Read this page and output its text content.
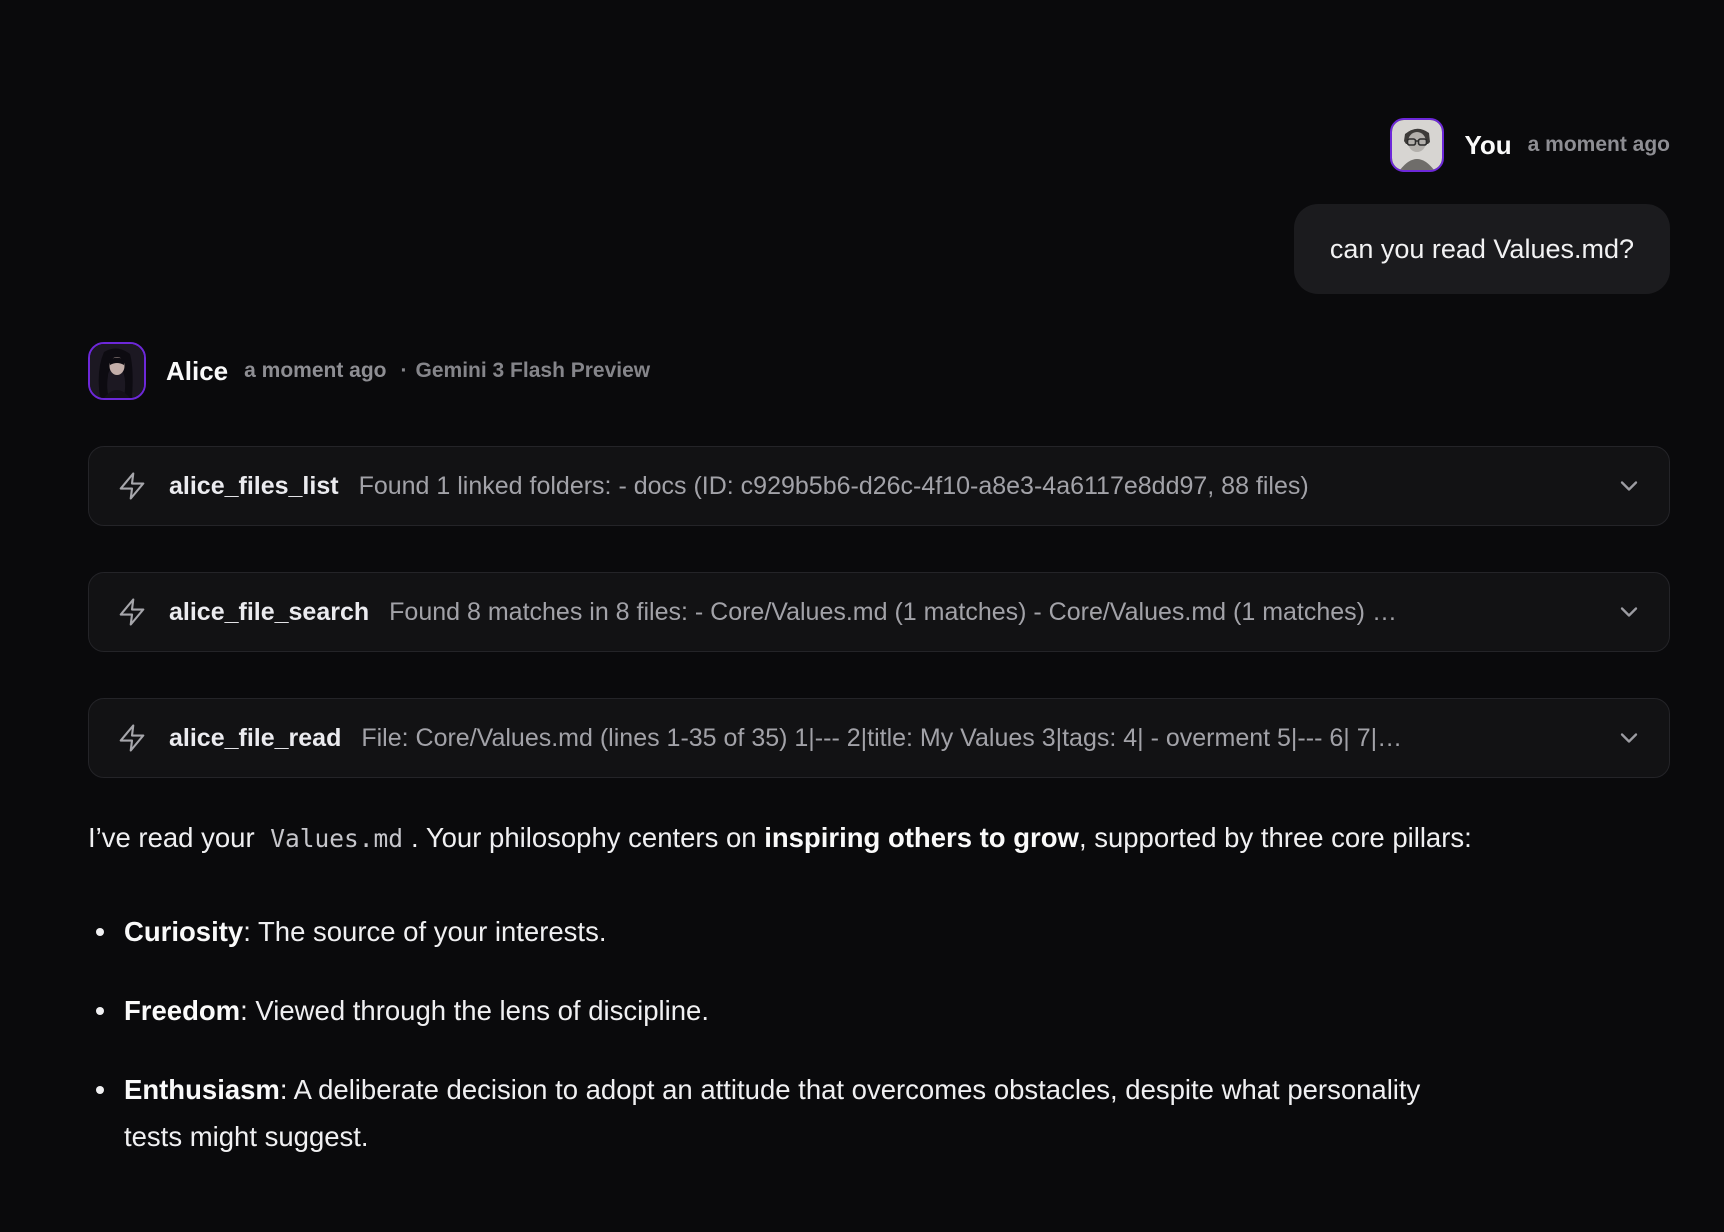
You a moment ago
can you read Values.md?
Alice a moment ago · Gemini 3 Flash Preview
alice_files_list Found 1 linked folders: - docs (ID: c929b5b6-d26c-4f10-a8e3-4a6117e8dd97, 88 files)
alice_file_search Found 8 matches in 8 files: - Core/Values.md (1 matches) - Core/Values.md (1 matches) …
alice_file_read File: Core/Values.md (lines 1-35 of 35) 1|--- 2|title: My Values 3|tags: 4| - overment 5|--- 6| 7|…
I’ve read your Values.md . Your philosophy centers on inspiring others to grow, supported by three core pillars:
Curiosity: The source of your interests.
Freedom: Viewed through the lens of discipline.
Enthusiasm: A deliberate decision to adopt an attitude that overcomes obstacles, despite what personality tests might suggest.
